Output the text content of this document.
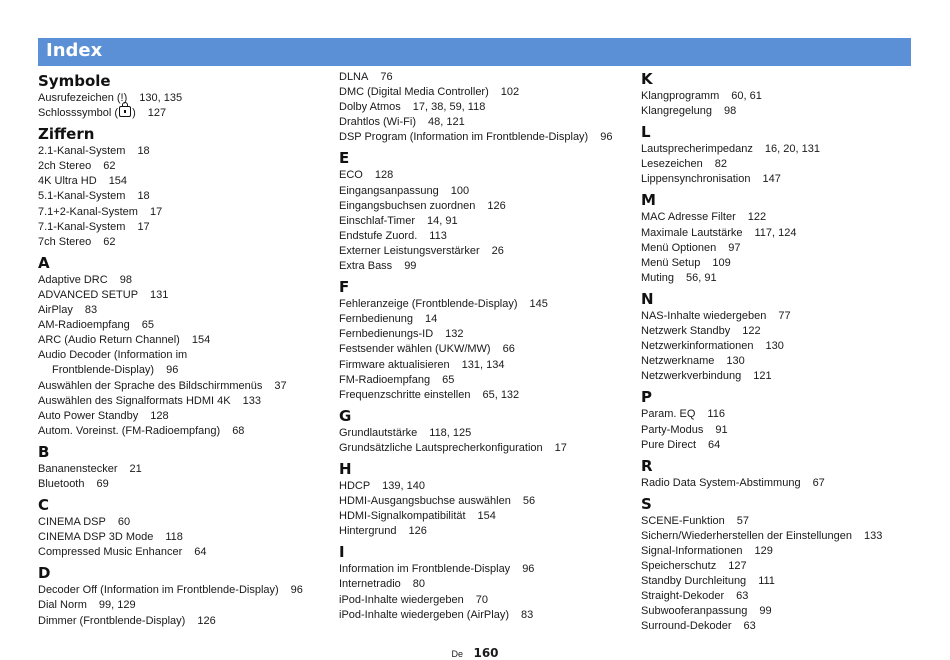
Index
Symbole
Ausrufezeichen (!) 130, 135
Schlosssymbol ( ) 127
Ziffern
2.1-Kanal-System 18
2ch Stereo 62
4K Ultra HD 154
5.1-Kanal-System 18
7.1+2-Kanal-System 17
7.1-Kanal-System 17
7ch Stereo 62
A
Adaptive DRC 98
ADVANCED SETUP 131
AirPlay 83
AM-Radioempfang 65
ARC (Audio Return Channel) 154
Audio Decoder (Information im
Frontblende-Display) 96
Auswählen der Sprache des Bildschirmmenüs 37
Auswählen des Signalformats HDMI 4K 133
Auto Power Standby 128
Autom. Voreinst. (FM-Radioempfang) 68
B
Bananenstecker 21
Bluetooth 69
C
CINEMA DSP 60
CINEMA DSP 3D Mode 118
Compressed Music Enhancer 64
D
Decoder Off (Information im Frontblende-Display) 96
Dial Norm 99, 129
Dimmer (Frontblende-Display) 126
DLNA 76
DMC (Digital Media Controller) 102
Dolby Atmos 17, 38, 59, 118
Drahtlos (Wi-Fi) 48, 121
DSP Program (Information im Frontblende-Display) 96
E
ECO 128
Eingangsanpassung 100
Eingangsbuchsen zuordnen 126
Einschlaf-Timer 14, 91
Endstufe Zuord. 113
Externer Leistungsverstärker 26
Extra Bass 99
F
Fehleranzeige (Frontblende-Display) 145
Fernbedienung 14
Fernbedienungs-ID 132
Festsender wählen (UKW/MW) 66
Firmware aktualisieren 131, 134
FM-Radioempfang 65
Frequenzschritte einstellen 65, 132
G
Grundlautstärke 118, 125
Grundsätzliche Lautsprecherkonfiguration 17
H
HDCP 139, 140
HDMI-Ausgangsbuchse auswählen 56
HDMI-Signalkompatibilität 154
Hintergrund 126
I
Information im Frontblende-Display 96
Internetradio 80
iPod-Inhalte wiedergeben 70
iPod-Inhalte wiedergeben (AirPlay) 83
K
Klangprogramm 60, 61
Klangregelung 98
L
Lautsprecherimpedanz 16, 20, 131
Lesezeichen 82
Lippensynchronisation 147
M
MAC Adresse Filter 122
Maximale Lautstärke 117, 124
Menü Optionen 97
Menü Setup 109
Muting 56, 91
N
NAS-Inhalte wiedergeben 77
Netzwerk Standby 122
Netzwerkinformationen 130
Netzwerkname 130
Netzwerkverbindung 121
P
Param. EQ 116
Party-Modus 91
Pure Direct 64
R
Radio Data System-Abstimmung 67
S
SCENE-Funktion 57
Sichern/Wiederherstellen der Einstellungen 133
Signal-Informationen 129
Speicherschutz 127
Standby Durchleitung 111
Straight-Dekoder 63
Subwooferanpassung 99
Surround-Dekoder 63
De 160
